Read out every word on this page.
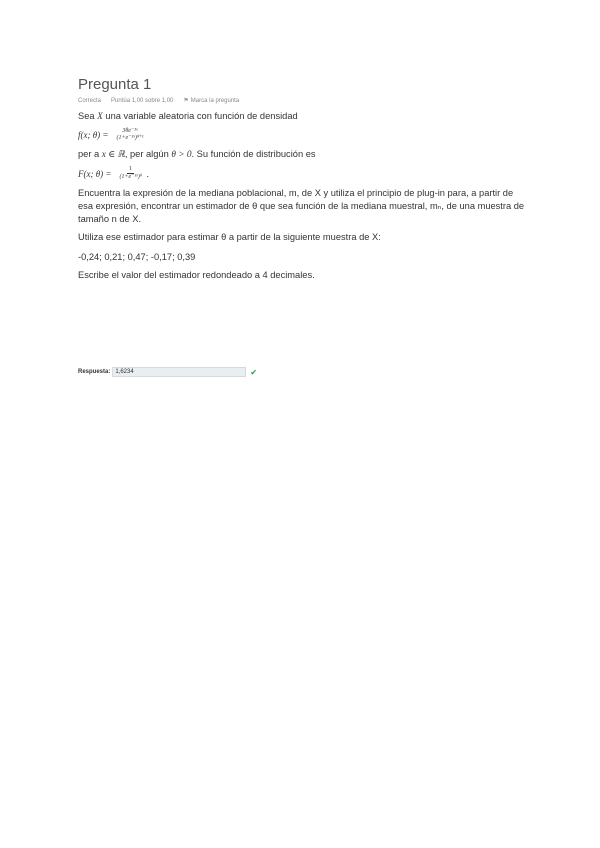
Pregunta 1
Correcta Puntúa 1,00 sobre 1,00 ⚑ Marca la pregunta

Sea X una variable aleatoria con función de densidad

f(x; θ) =	3θe⁻³ˣ
(1+e⁻³ˣ)ᶿ⁺¹

per a x ∈ ℝ, per algún θ > 0. Su función de distribución es

F(x; $\theta) = \frac{1}{\text{(1+e⁻³ˣ)ᶿ}}$ .

Encuentra la expresión de la mediana poblacional, m, de X y utiliza el principio de plug-in para, a partir de esa expresión, encontrar un estimador de θ que sea función de la mediana muestral, mₙ, de una muestra de tamaño n de X.

Utiliza ese estimador para estimar θ a partir de la siguiente muestra de X:

-0,24; 0,21; 0,47; -0,17; 0,39

Escribe el valor del estimador redondeado a 4 decimales.

Respuesta: 1,6234	✔
